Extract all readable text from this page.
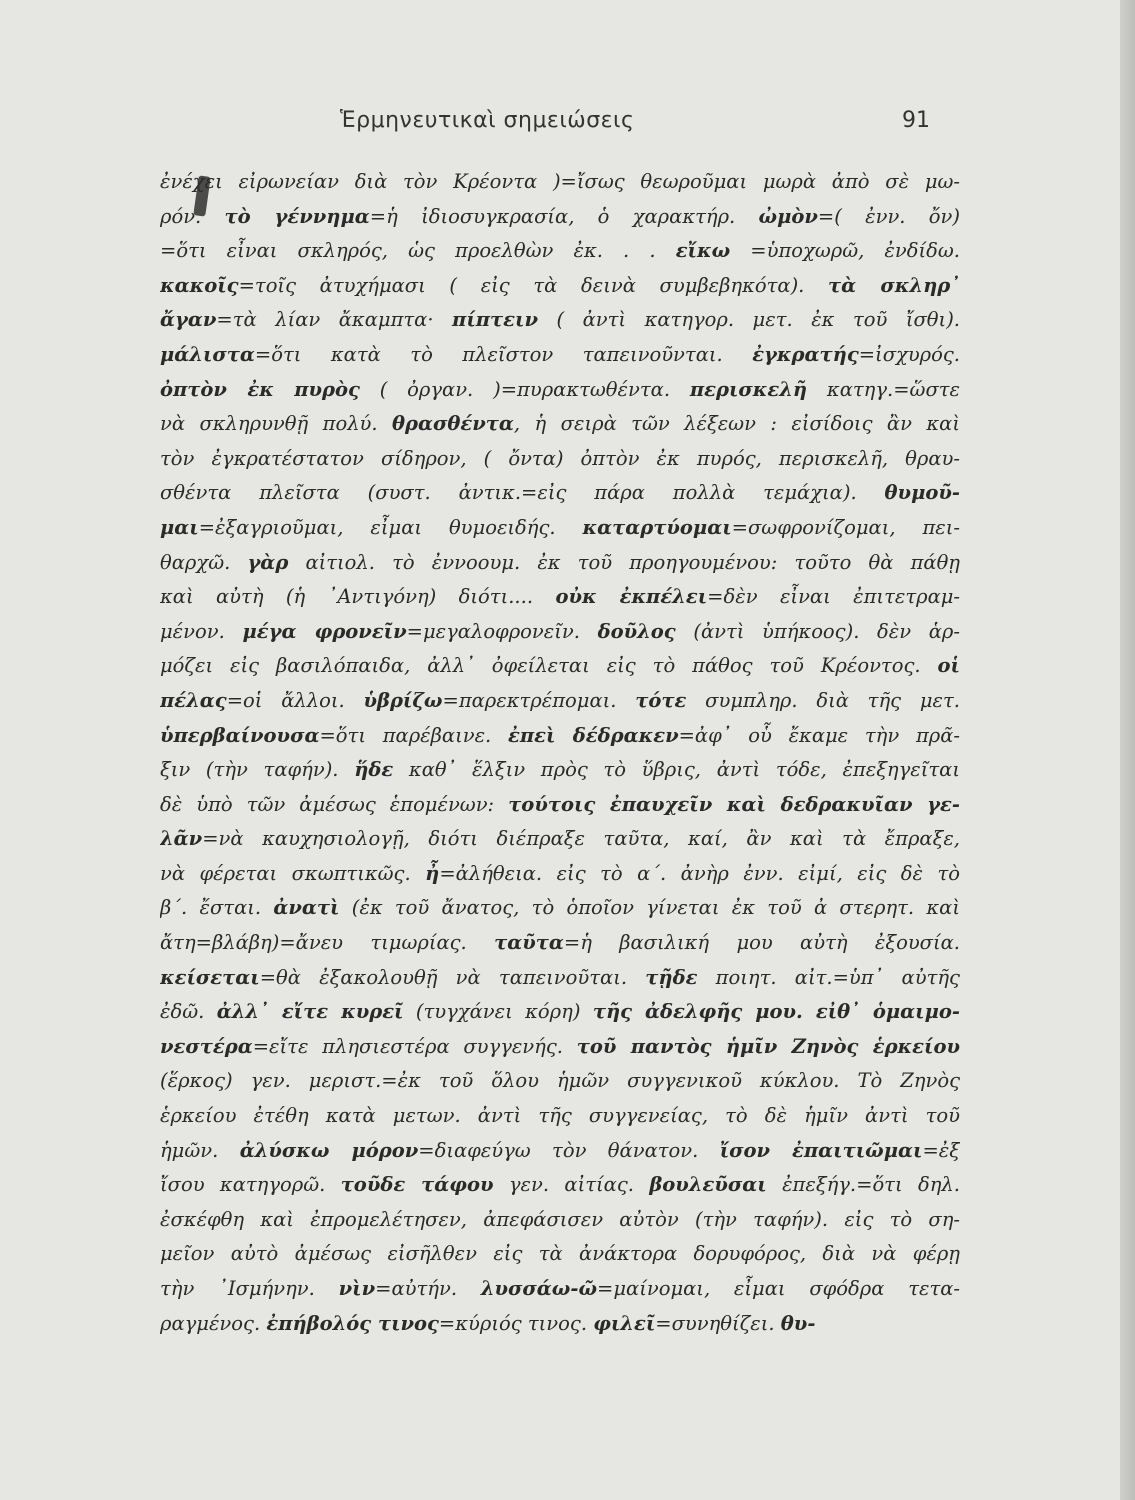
Ἑρμηνευτικαὶ σημειώσεις	91
ἐνέχει εἰρωνείαν διὰ τὸν Κρέοντα )=ἴσως θεωροῦμαι μωρὰ ἀπὸ σὲ μω-
ρόν. τὸ γέννημα=ἡ ἰδιοσυγκρασία, ὁ χαρακτήρ. ὠμὸν=( ἐνν. ὄν)
=ὅτι εἶναι σκληρός, ὡς προελθὼν ἐκ. . . εἴκω =ὑποχωρῶ, ἐνδίδω.
κακοῖς=τοῖς ἀτυχήμασι ( εἰς τὰ δεινὰ συμβεβηκότα). τὰ σκληρ᾿
ἄγαν=τὰ λίαν ἄκαμπτα· πίπτειν ( ἀντὶ κατηγορ. μετ. ἐκ τοῦ ἴσθι).
μάλιστα=ὅτι κατὰ τὸ πλεῖστον ταπεινοῦνται. ἐγκρατής=ἰσχυρός.
ὀπτὸν ἐκ πυρὸς ( ὀργαν. )=πυρακτωθέντα. περισκελῆ κατηγ.=ὥστε
νὰ σκληρυνθῇ πολύ. θρασθέντα, ἡ σειρὰ τῶν λέξεων : εἰσίδοις ἂν καὶ
τὸν ἐγκρατέστατον σίδηρον, ( ὄντα) ὀπτὸν ἐκ πυρός, περισκελῆ, θραυ-
σθέντα πλεῖστα (συστ. ἀντικ.=εἰς πάρα πολλὰ τεμάχια). θυμοῦ-
μαι=ἐξαγριοῦμαι, εἶμαι θυμοειδής. καταρτύομαι=σωφρονίζομαι, πει-
θαρχῶ. γὰρ αἰτιολ. τὸ ἐννοουμ. ἐκ τοῦ προηγουμένου: τοῦτο θὰ πάθῃ
καὶ αὐτὴ (ἡ ᾿Αντιγόνη) διότι.... οὐκ ἐκπέλει=δὲν εἶναι ἐπιτετραμ-
μένον. μέγα φρονεῖν=μεγαλοφρονεῖν. δοῦλος (ἀντὶ ὑπήκοος). δὲν ἁρ-
μόζει εἰς βασιλόπαιδα, ἀλλ᾿ ὀφείλεται εἰς τὸ πάθος τοῦ Κρέοντος. οἱ
πέλας=οἱ ἄλλοι. ὑβρίζω=παρεκτρέπομαι. τότε συμπληρ. διὰ τῆς μετ.
ὑπερβαίνουσα=ὅτι παρέβαινε. ἐπεὶ δέδρακεν=ἀφ᾿ οὗ ἔκαμε τὴν πρᾶ-
ξιν (τὴν ταφήν). ἥδε καθ᾿ ἕλξιν πρὸς τὸ ὕβρις, ἀντὶ τόδε, ἐπεξηγεῖται
δὲ ὑπὸ τῶν ἀμέσως ἑπομένων: τούτοις ἐπαυχεῖν καὶ δεδρακυῖαν γε-
λᾶν=νὰ καυχησιολογῇ, διότι διέπραξε ταῦτα, καί, ἂν καὶ τὰ ἔπραξε,
νὰ φέρεται σκωπτικῶς. ἦ=ἀλήθεια. εἰς τὸ α΄. ἀνὴρ ἐνν. εἰμί, εἰς δὲ τὸ
β΄. ἔσται. ἀνατὶ (ἐκ τοῦ ἄνατος, τὸ ὁποῖον γίνεται ἐκ τοῦ ἀ στερητ. καὶ
ἄτη=βλάβη)=ἄνευ τιμωρίας. ταῦτα=ἡ βασιλική μου αὐτὴ ἐξουσία.
κείσεται=θὰ ἐξακολουθῇ νὰ ταπεινοῦται. τῇδε ποιητ. αἰτ.=ὑπ᾿ αὐτῆς
ἐδῶ. ἀλλ᾿ εἴτε κυρεῖ (τυγχάνει κόρη) τῆς ἀδελφῆς μου. εἰθ᾿ ὁμαιμο-
νεστέρα=εἴτε πλησιεστέρα συγγενής. τοῦ παντὸς ἡμῖν Ζηνὸς ἑρκείου
(ἕρκος) γεν. μεριστ.=ἐκ τοῦ ὅλου ἡμῶν συγγενικοῦ κύκλου. Τὸ Ζηνὸς
ἑρκείου ἐτέθη κατὰ μετων. ἀντὶ τῆς συγγενείας, τὸ δὲ ἡμῖν ἀντὶ τοῦ
ἡμῶν. ἀλύσκω μόρον=διαφεύγω τὸν θάνατον. ἴσον ἐπαιτιῶμαι=ἐξ
ἴσου κατηγορῶ. τοῦδε τάφου γεν. αἰτίας. βουλεῦσαι ἐπεξήγ.=ὅτι δηλ.
ἐσκέφθη καὶ ἐπρομελέτησεν, ἀπεφάσισεν αὐτὸν (τὴν ταφήν). εἰς τὸ ση-
μεῖον αὐτὸ ἀμέσως εἰσῆλθεν εἰς τὰ ἀνάκτορα δορυφόρος, διὰ νὰ φέρῃ
τὴν ᾿Ισμήνην. νὶν=αὐτήν. λυσσάω-ῶ=μαίνομαι, εἶμαι σφόδρα τετα-
ραγμένος. ἐπήβολός τινος=κύριός τινος. φιλεῖ=συνηθίζει. θυ-
